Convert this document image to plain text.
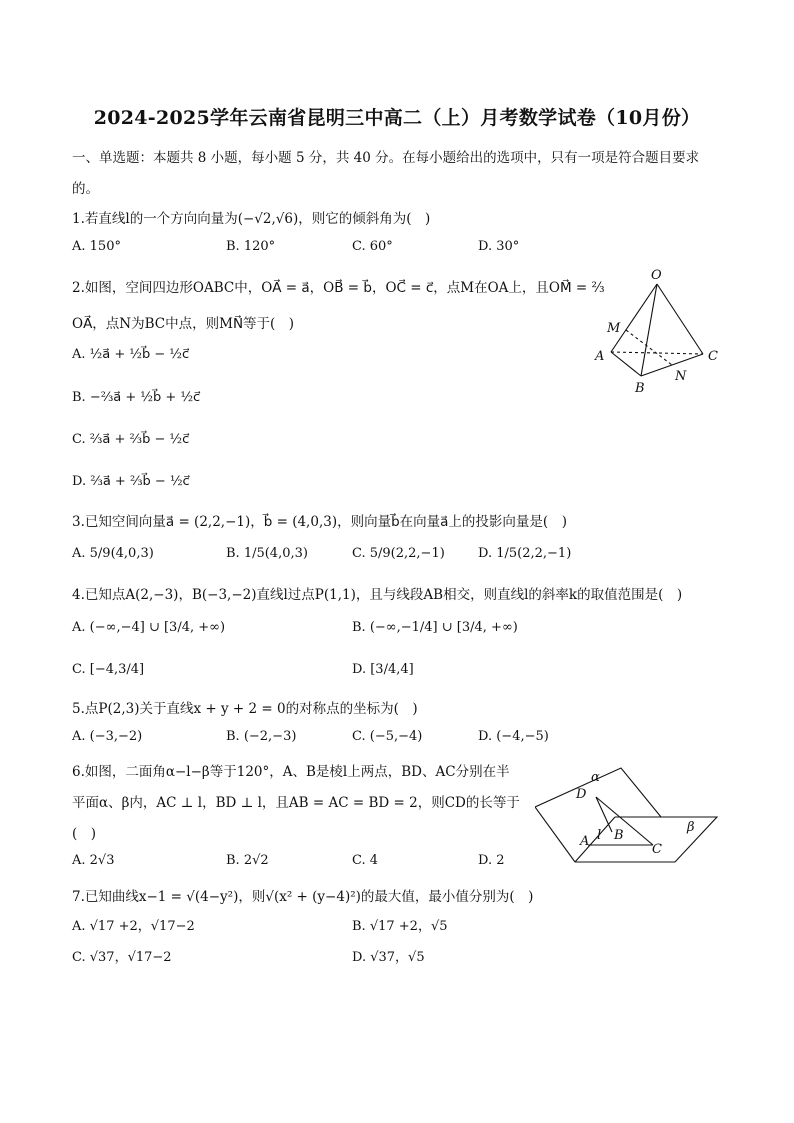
2024-2025学年云南省昆明三中高二（上）月考数学试卷（10月份）
一、单选题：本题共 8 小题，每小题 5 分，共 40 分。在每小题给出的选项中，只有一项是符合题目要求
的。
1.若直线l的一个方向向量为(−√2,√6)，则它的倾斜角为(　)
A. 150°	B. 120°	C. 60°	D. 30°
2.如图，空间四边形OABC中，OA⃗ = a⃗，OB⃗ = b⃗，OC⃗ = c⃗，点M在OA上，且OM⃗ = ⅔
OA⃗，点N为BC中点，则MN⃗等于(　)
A. ½a⃗ + ½b⃗ − ½c⃗
B. −⅔a⃗ + ½b⃗ + ½c⃗
C. ⅔a⃗ + ⅔b⃗ − ½c⃗
D. ⅔a⃗ + ⅔b⃗ − ½c⃗
O
M
A
B
N
C
3.已知空间向量a⃗ = (2,2,−1)，b⃗ = (4,0,3)，则向量b⃗在向量a⃗上的投影向量是(　)
A. 5/9(4,0,3)	B. 1/5(4,0,3)	C. 5/9(2,2,−1)	D. 1/5(2,2,−1)
4.已知点A(2,−3)，B(−3,−2)直线l过点P(1,1)，且与线段AB相交，则直线l的斜率k的取值范围是(　)
A. (−∞,−4] ∪ [3/4, +∞)	B. (−∞,−1/4] ∪ [3/4, +∞)
C. [−4,3/4]	D. [3/4,4]
5.点P(2,3)关于直线x + y + 2 = 0的对称点的坐标为(　)
A. (−3,−2)	B. (−2,−3)	C. (−5,−4)	D. (−4,−5)
6.如图，二面角α−l−β等于120°，A、B是棱l上两点，BD、AC分别在半
平面α、β内，AC ⊥ l，BD ⊥ l，且AB = AC = BD = 2，则CD的长等于
(　)
A. 2√3	B. 2√2	C. 4	D. 2
α
D
l
A B
C
β
7.已知曲线x−1 = √(4−y²)，则√(x² + (y−4)²)的最大值，最小值分别为(　)
A. √17 +2，√17−2	B. √17 +2，√5
C. √37，√17−2	D. √37，√5
